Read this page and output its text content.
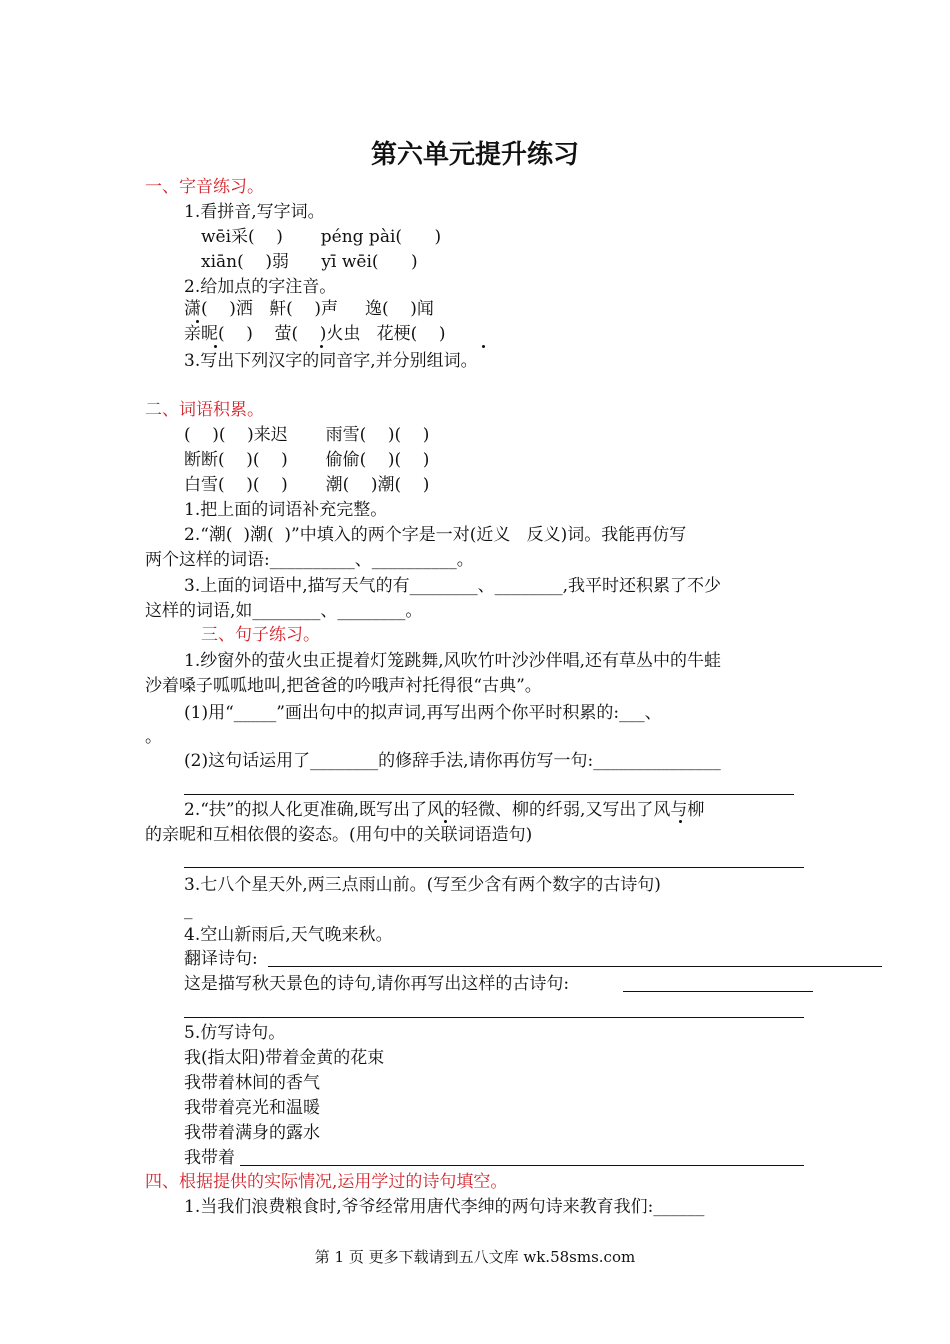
第六单元提升练习
一、字音练习。
1.看拼音,写字词。
wēi采(    )       péng pài(      )
xiān(    )弱      yī wēi(      )
2.给加点的字注音。
潇(    )洒   鼾(    )声     逸(    )闻
亲昵(    )    萤(    )火虫   花梗(    )
3.写出下列汉字的同音字,并分别组词。
二、词语积累。
(    )(    )来迟       雨雪(    )(    )
断断(    )(    )       偷偷(    )(    )
白雪(    )(    )       潮(    )潮(    )
1.把上面的词语补充完整。
2.“潮(  )潮(  )”中填入的两个字是一对(近义   反义)词。我能再仿写
两个这样的词语:__________、__________。
3.上面的词语中,描写天气的有________、________,我平时还积累了不少
这样的词语,如________、________。
三、句子练习。
1.纱窗外的萤火虫正提着灯笼跳舞,风吹竹叶沙沙伴唱,还有草丛中的牛蛙
沙着嗓子呱呱地叫,把爸爸的吟哦声衬托得很“古典”。
(1)用“_____”画出句中的拟声词,再写出两个你平时积累的:___、
。
(2)这句话运用了________的修辞手法,请你再仿写一句:_______________
2.“扶”的拟人化更准确,既写出了风的轻微、柳的纤弱,又写出了风与柳
的亲昵和互相依偎的姿态。(用句中的关联词语造句)
3.七八个星天外,两三点雨山前。(写至少含有两个数字的古诗句)
_
4.空山新雨后,天气晚来秋。
翻译诗句:
这是描写秋天景色的诗句,请你再写出这样的古诗句:
5.仿写诗句。
我(指太阳)带着金黄的花束
我带着林间的香气
我带着亮光和温暖
我带着满身的露水
我带着
四、根据提供的实际情况,运用学过的诗句填空。
1.当我们浪费粮食时,爷爷经常用唐代李绅的两句诗来教育我们:______
第 1 页 更多下载请到五八文库 wk.58sms.com
